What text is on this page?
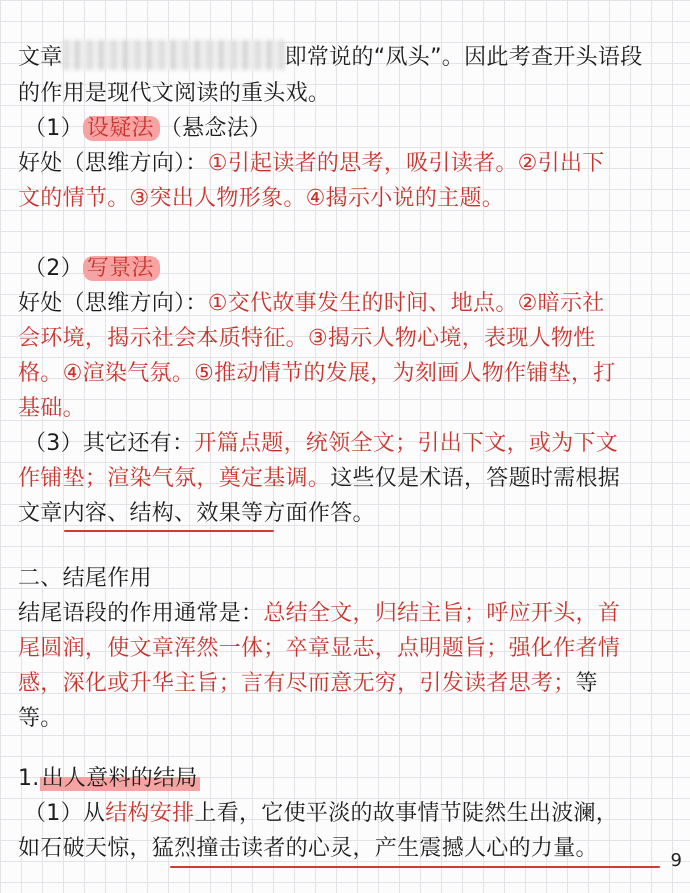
文章	即常说的“凤头”。因此考查开头语段
的作用是现代文阅读的重头戏。
（1） 设疑法 （悬念法）
好处（思维方向）：①引起读者的思考，吸引读者。②引出下
文的情节。③突出人物形象。④揭示小说的主题。
（2） 写景法
好处（思维方向）：①交代故事发生的时间、地点。②暗示社
会环境，揭示社会本质特征。③揭示人物心境，表现人物性
格。④渲染气氛。⑤推动情节的发展，为刻画人物作铺垫，打
基础。
（3）其它还有：开篇点题，统领全文；引出下文，或为下文
作铺垫；渲染气氛，奠定基调。这些仅是术语，答题时需根据
文章内容、结构、效果等方面作答。
二、结尾作用
结尾语段的作用通常是：总结全文，归结主旨；呼应开头，首
尾圆润，使文章浑然一体；卒章显志，点明题旨；强化作者情
感，深化或升华主旨；言有尽而意无穷，引发读者思考；等
等。
1.出人意料的结局
（1）从结构安排上看，它使平淡的故事情节陡然生出波澜，
如石破天惊，猛烈撞击读者的心灵，产生震撼人心的力量。	9
